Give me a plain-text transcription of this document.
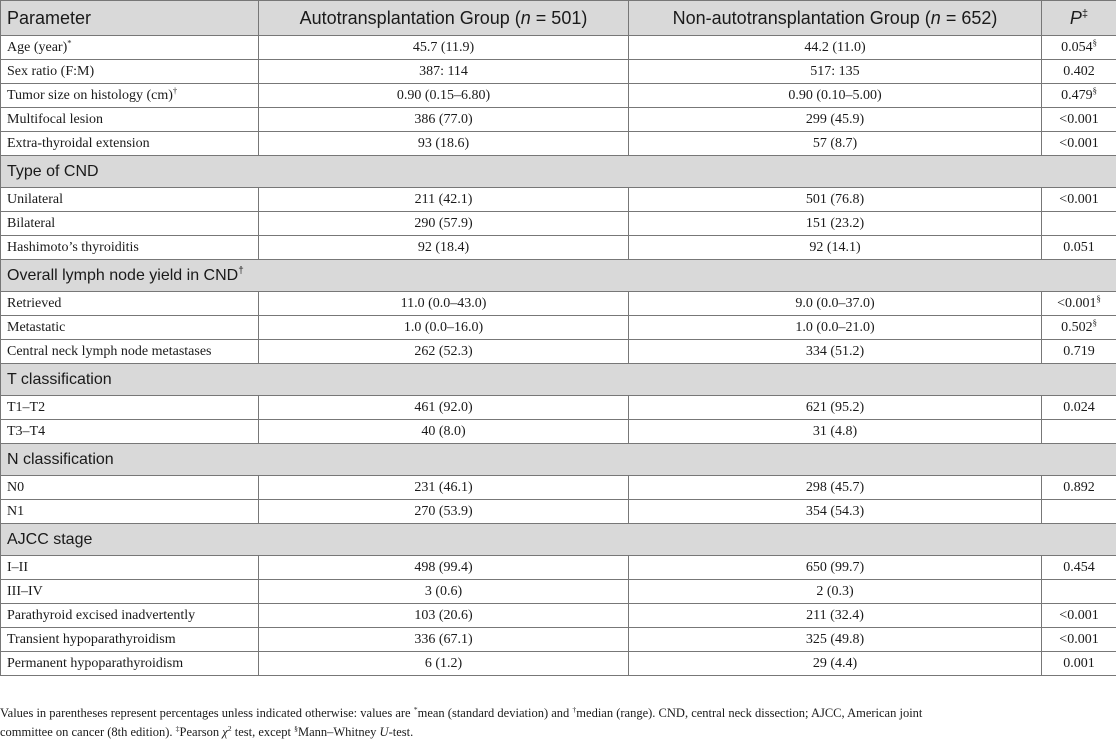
Parameter	Autotransplantation Group (n = 501)	Non-autotransplantation Group (n = 652)	P‡
Age (year)*	45.7 (11.9)	44.2 (11.0)	0.054§
Sex ratio (F:M)	387: 114	517: 135	0.402
Tumor size on histology (cm)†	0.90 (0.15–6.80)	0.90 (0.10–5.00)	0.479§
Multifocal lesion	386 (77.0)	299 (45.9)	<0.001
Extra-thyroidal extension	93 (18.6)	57 (8.7)	<0.001
Type of CND			
Unilateral	211 (42.1)	501 (76.8)	<0.001
Bilateral	290 (57.9)	151 (23.2)	
Hashimoto’s thyroiditis	92 (18.4)	92 (14.1)	0.051
Overall lymph node yield in CND†
Retrieved	11.0 (0.0–43.0)	9.0 (0.0–37.0)	<0.001§
Metastatic	1.0 (0.0–16.0)	1.0 (0.0–21.0)	0.502§
Central neck lymph node metastases	262 (52.3)	334 (51.2)	0.719
T classification			
T1–T2	461 (92.0)	621 (95.2)	0.024
T3–T4	40 (8.0)	31 (4.8)	
N classification			
N0	231 (46.1)	298 (45.7)	0.892
N1	270 (53.9)	354 (54.3)	
AJCC stage			
I–II	498 (99.4)	650 (99.7)	0.454
III–IV	3 (0.6)	2 (0.3)	
Parathyroid excised inadvertently	103 (20.6)	211 (32.4)	<0.001
Transient hypoparathyroidism	336 (67.1)	325 (49.8)	<0.001
Permanent hypoparathyroidism	6 (1.2)	29 (4.4)	0.001
Values in parentheses represent percentages unless indicated otherwise: values are *mean (standard deviation) and †median (range). CND, central neck dissection; AJCC, American joint
committee on cancer (8th edition). ‡Pearson $\chi^2$ test, except §Mann–Whitney U-test.
